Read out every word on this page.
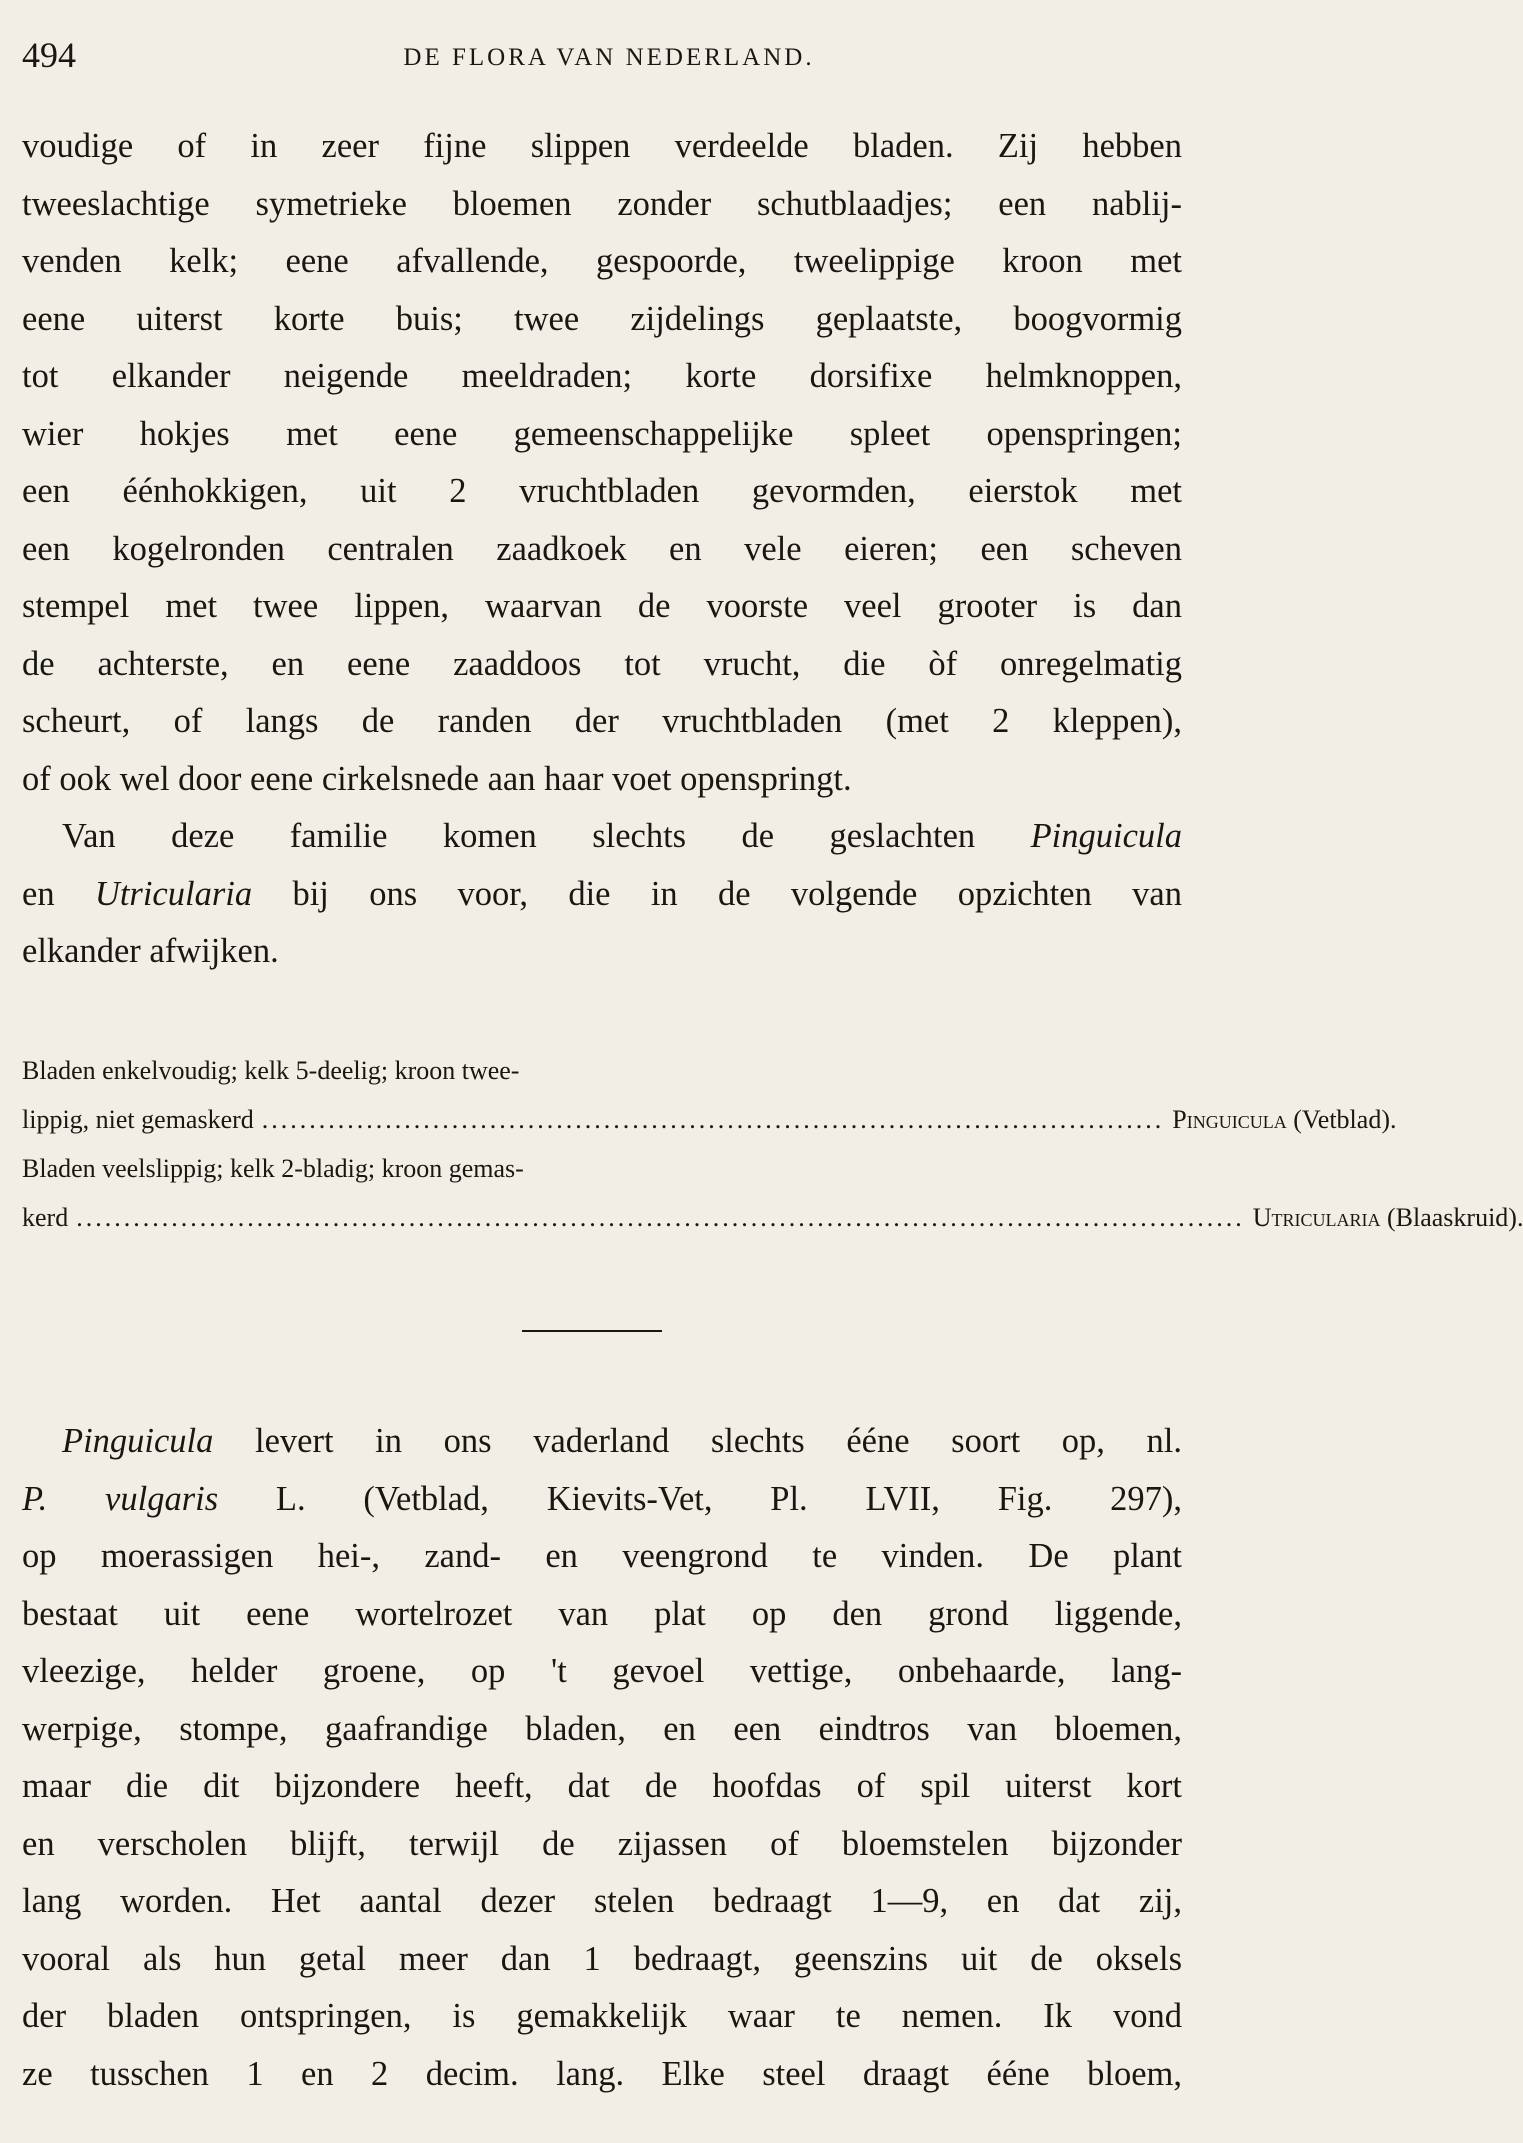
494	DE FLORA VAN NEDERLAND.
voudige of in zeer fijne slippen verdeelde bladen. Zij hebben
tweeslachtige symetrieke bloemen zonder schutblaadjes; een nablij-
venden kelk; eene afvallende, gespoorde, tweelippige kroon met
eene uiterst korte buis; twee zijdelings geplaatste, boogvormig
tot elkander neigende meeldraden; korte dorsifixe helmknoppen,
wier hokjes met eene gemeenschappelijke spleet openspringen;
een éénhokkigen, uit 2 vruchtbladen gevormden, eierstok met
een kogelronden centralen zaadkoek en vele eieren; een scheven
stempel met twee lippen, waarvan de voorste veel grooter is dan
de achterste, en eene zaaddoos tot vrucht, die òf onregelmatig
scheurt, of langs de randen der vruchtbladen (met 2 kleppen),
of ook wel door eene cirkelsnede aan haar voet openspringt.
Van deze familie komen slechts de geslachten Pinguicula
en Utricularia bij ons voor, die in de volgende opzichten van
elkander afwijken.
Bladen enkelvoudig; kelk 5-deelig; kroon twee-
lippig, niet gemaskerd ............................................................................................... Pinguicula (Vetblad).
Bladen veelslippig; kelk 2-bladig; kroon gemas-
kerd ........................................................................................................................... Utricularia (Blaaskruid).
Pinguicula levert in ons vaderland slechts ééne soort op, nl.
P. vulgaris L. (Vetblad, Kievits-Vet, Pl. LVII, Fig. 297),
op moerassigen hei-, zand- en veengrond te vinden. De plant
bestaat uit eene wortelrozet van plat op den grond liggende,
vleezige, helder groene, op 't gevoel vettige, onbehaarde, lang-
werpige, stompe, gaafrandige bladen, en een eindtros van bloemen,
maar die dit bijzondere heeft, dat de hoofdas of spil uiterst kort
en verscholen blijft, terwijl de zijassen of bloemstelen bijzonder
lang worden. Het aantal dezer stelen bedraagt 1—9, en dat zij,
vooral als hun getal meer dan 1 bedraagt, geenszins uit de oksels
der bladen ontspringen, is gemakkelijk waar te nemen. Ik vond
ze tusschen 1 en 2 decim. lang. Elke steel draagt ééne bloem,
